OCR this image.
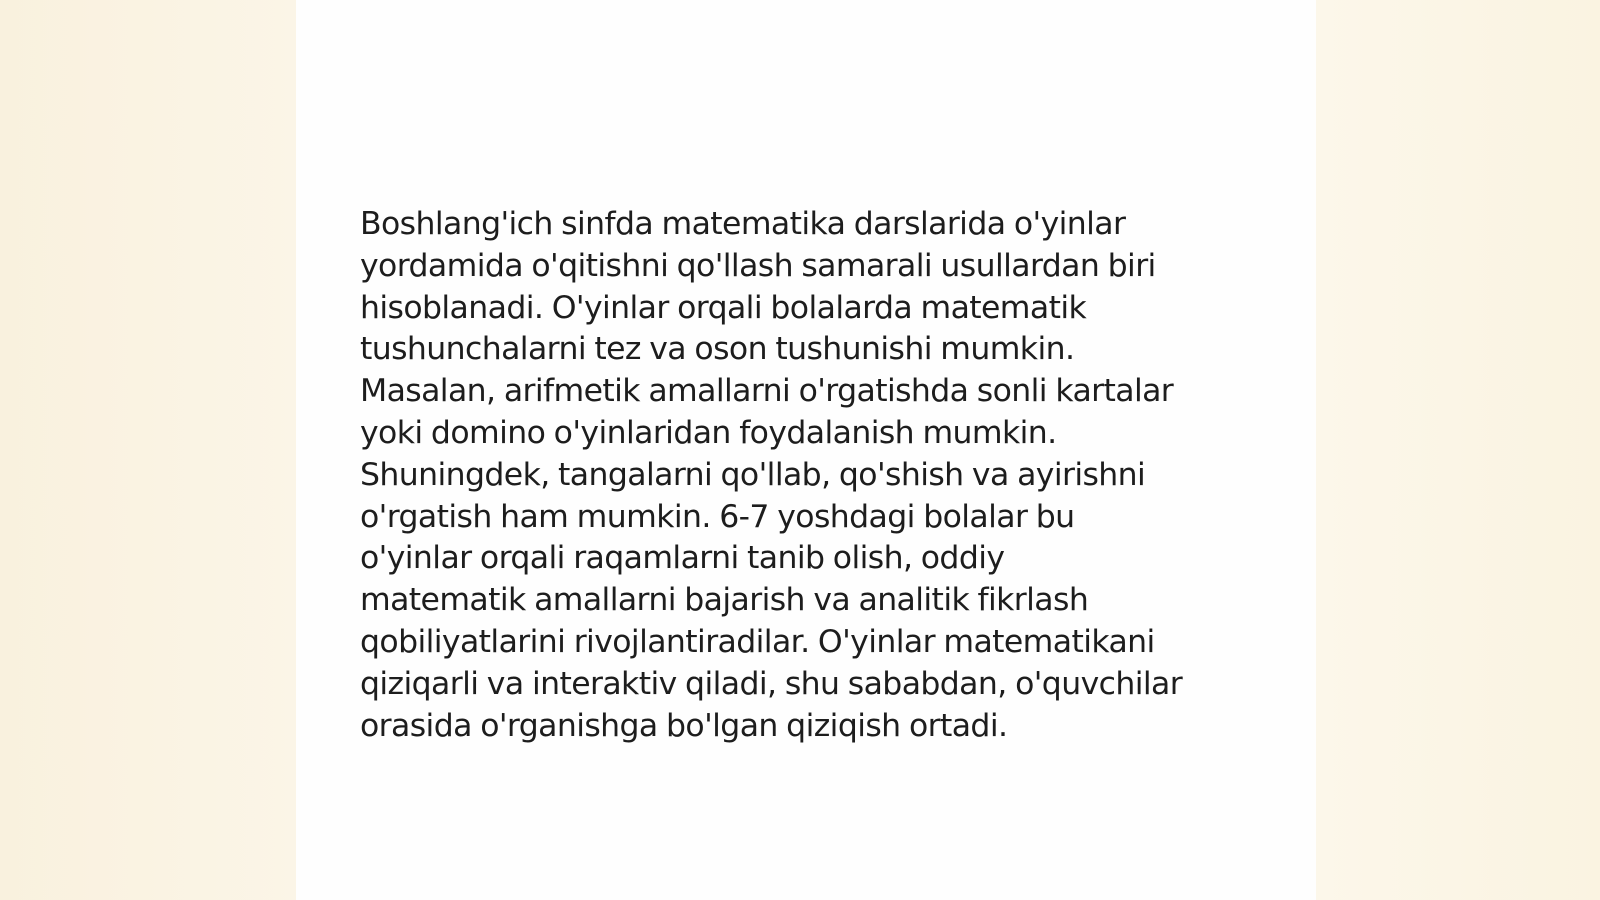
Boshlang'ich sinfda matematika darslarida o'yinlar
yordamida o'qitishni qo'llash samarali usullardan biri
hisoblanadi. O'yinlar orqali bolalarda matematik
tushunchalarni tez va oson tushunishi mumkin.
Masalan, arifmetik amallarni o'rgatishda sonli kartalar
yoki domino o'yinlaridan foydalanish mumkin.
Shuningdek, tangalarni qo'llab, qo'shish va ayirishni
o'rgatish ham mumkin. 6-7 yoshdagi bolalar bu
o'yinlar orqali raqamlarni tanib olish, oddiy
matematik amallarni bajarish va analitik fikrlash
qobiliyatlarini rivojlantiradilar. O'yinlar matematikani
qiziqarli va interaktiv qiladi, shu sababdan, o'quvchilar
orasida o'rganishga bo'lgan qiziqish ortadi.
